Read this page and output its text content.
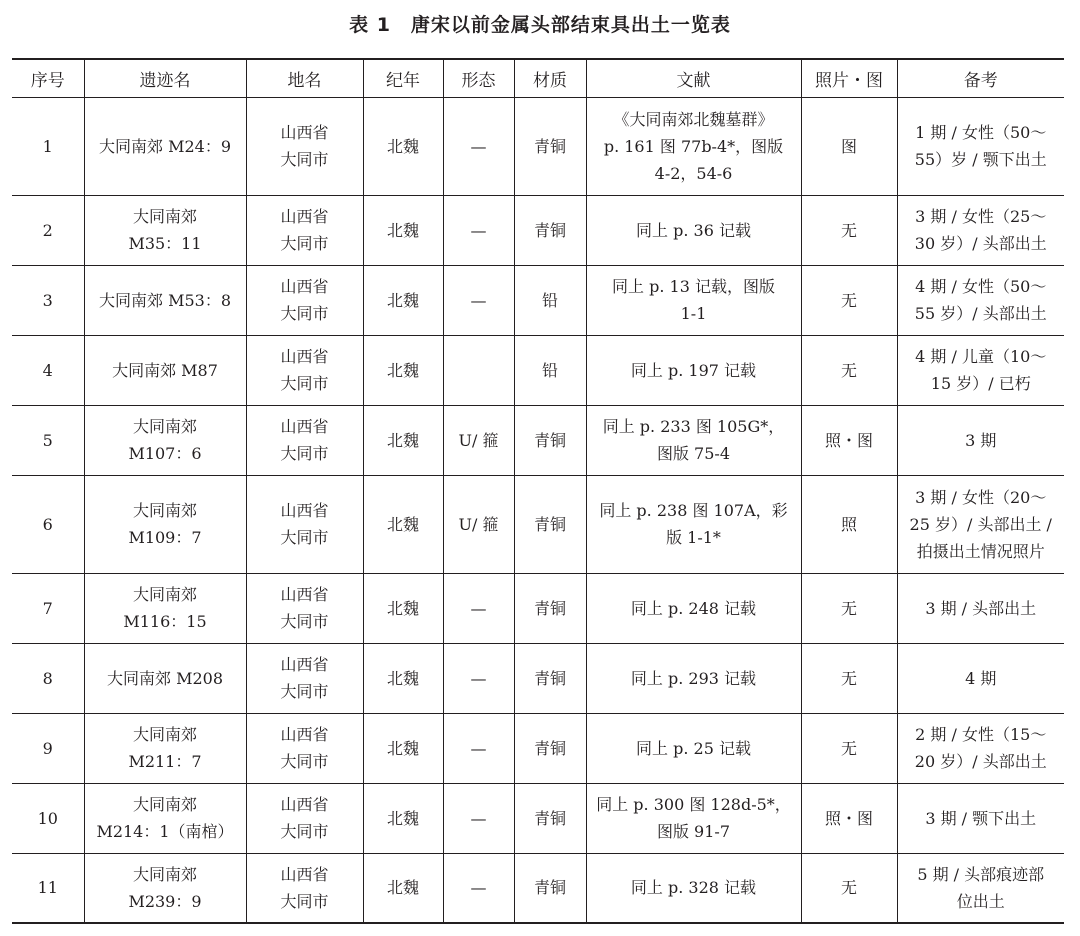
表 1　唐宋以前金属头部结束具出土一览表
序号	遗迹名	地名	纪年	形态	材质	文献	照片・图	备考
1	大同南郊 M24：9	山西省
大同市	北魏	—	青铜	《大同南郊北魏墓群》
p. 161 图 77b-4*，图版
4-2，54-6	图	1 期 / 女性（50～
55）岁 / 颚下出土
2	大同南郊
M35：11	山西省
大同市	北魏	—	青铜	同上 p. 36 记载	无	3 期 / 女性（25～
30 岁）/ 头部出土
3	大同南郊 M53：8	山西省
大同市	北魏	—	铅	同上 p. 13 记载，图版
1-1	无	4 期 / 女性（50～
55 岁）/ 头部出土
4	大同南郊 M87	山西省
大同市	北魏		铅	同上 p. 197 记载	无	4 期 / 儿童（10～
15 岁）/ 已朽
5	大同南郊
M107：6	山西省
大同市	北魏	U/ 箍	青铜	同上 p. 233 图 105G*，
图版 75-4	照・图	3 期
6	大同南郊
M109：7	山西省
大同市	北魏	U/ 箍	青铜	同上 p. 238 图 107A，彩
版 1-1*	照	3 期 / 女性（20～
25 岁）/ 头部出土 /
拍摄出土情况照片
7	大同南郊
M116：15	山西省
大同市	北魏	—	青铜	同上 p. 248 记载	无	3 期 / 头部出土
8	大同南郊 M208	山西省
大同市	北魏	—	青铜	同上 p. 293 记载	无	4 期
9	大同南郊
M211：7	山西省
大同市	北魏	—	青铜	同上 p. 25 记载	无	2 期 / 女性（15～
20 岁）/ 头部出土
10	大同南郊
M214：1（南棺）	山西省
大同市	北魏	—	青铜	同上 p. 300 图 128d-5*，
图版 91-7	照・图	3 期 / 颚下出土
11	大同南郊
M239：9	山西省
大同市	北魏	—	青铜	同上 p. 328 记载	无	5 期 / 头部痕迹部
位出土
